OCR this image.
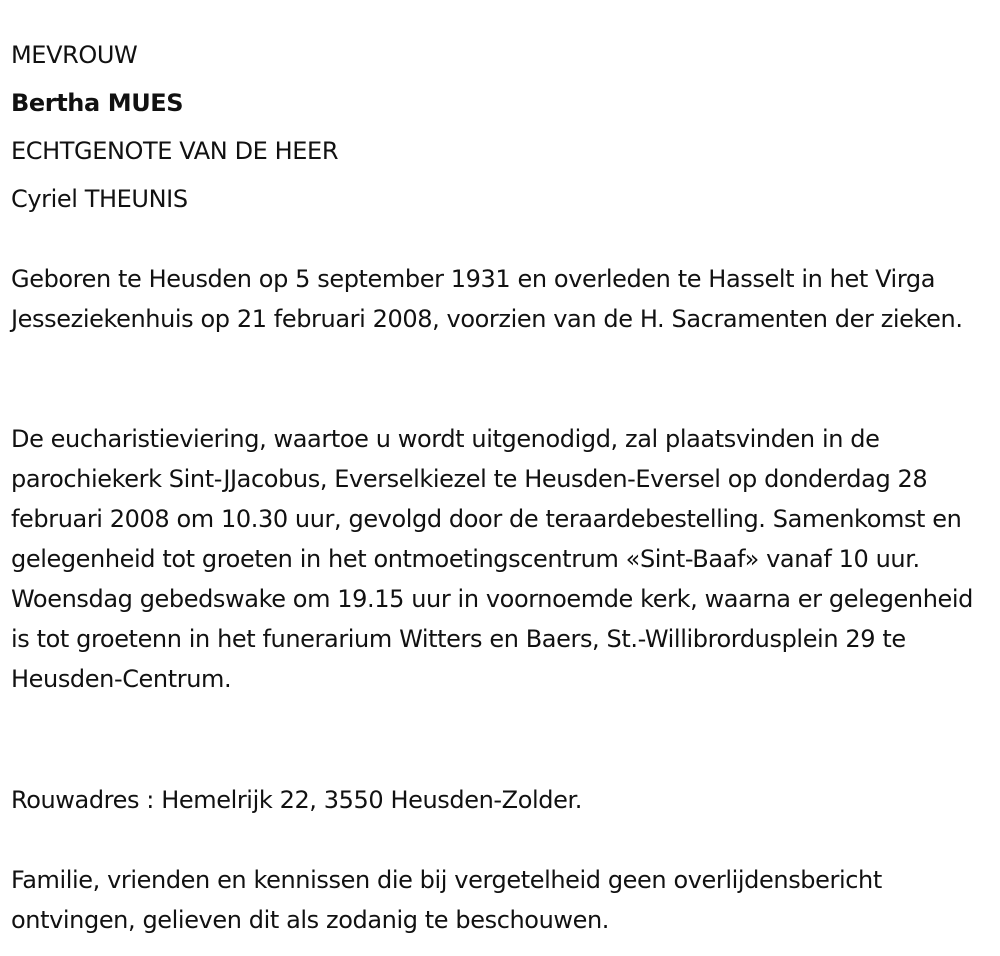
MEVROUW
Bertha MUES
ECHTGENOTE VAN DE HEER
Cyriel THEUNIS

Geboren te Heusden op 5 september 1931 en overleden te Hasselt in het Virga Jesseziekenhuis op 21 februari 2008, voorzien van de H. Sacramenten der zieken.

De eucharistieviering, waartoe u wordt uitgenodigd, zal plaatsvinden in de parochiekerk Sint-JJacobus, Everselkiezel te Heusden-Eversel op donderdag 28 februari 2008 om 10.30 uur, gevolgd door de teraardebestelling. Samenkomst en gelegenheid tot groeten in het ontmoetingscentrum «Sint-Baaf» vanaf 10 uur. Woensdag gebedswake om 19.15 uur in voornoemde kerk, waarna er gelegenheid is tot groetenn in het funerarium Witters en Baers, St.-Willibrordusplein 29 te Heusden-Centrum.

Rouwadres : Hemelrijk 22, 3550 Heusden-Zolder.

Familie, vrienden en kennissen die bij vergetelheid geen overlijdensbericht ontvingen, gelieven dit als zodanig te beschouwen.
